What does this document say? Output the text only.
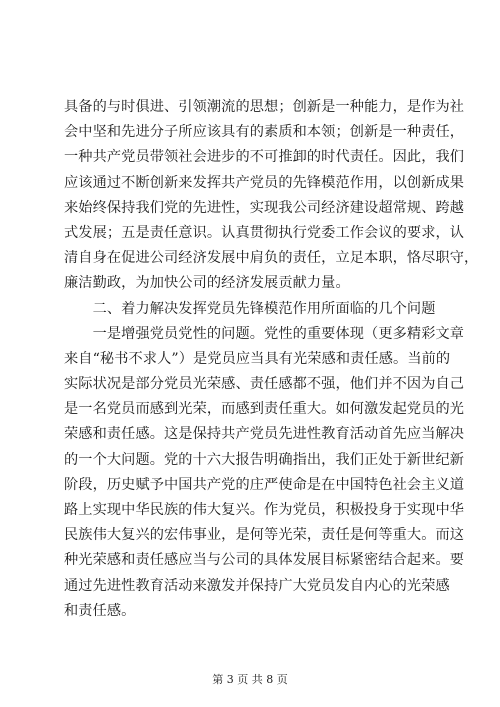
具备的与时俱进、引领潮流的思想；创新是一种能力，是作为社
会中坚和先进分子所应该具有的素质和本领；创新是一种责任，
一种共产党员带领社会进步的不可推卸的时代责任。因此，我们
应该通过不断创新来发挥共产党员的先锋模范作用，以创新成果
来始终保持我们党的先进性，实现我公司经济建设超常规、跨越
式发展；五是责任意识。认真贯彻执行党委工作会议的要求，认
清自身在促进公司经济发展中肩负的责任，立足本职，恪尽职守，
廉洁勤政，为加快公司的经济发展贡献力量。
　　二、着力解决发挥党员先锋模范作用所面临的几个问题
　　一是增强党员党性的问题。党性的重要体现（更多精彩文章
来自“秘书不求人”）是党员应当具有光荣感和责任感。当前的
实际状况是部分党员光荣感、责任感都不强，他们并不因为自己
是一名党员而感到光荣，而感到责任重大。如何激发起党员的光
荣感和责任感。这是保持共产党员先进性教育活动首先应当解决
的一个大问题。党的十六大报告明确指出，我们正处于新世纪新
阶段，历史赋予中国共产党的庄严使命是在中国特色社会主义道
路上实现中华民族的伟大复兴。作为党员，积极投身于实现中华
民族伟大复兴的宏伟事业，是何等光荣，责任是何等重大。而这
种光荣感和责任感应当与公司的具体发展目标紧密结合起来。要
通过先进性教育活动来激发并保持广大党员发自内心的光荣感
和责任感。
第 3 页 共 8 页
